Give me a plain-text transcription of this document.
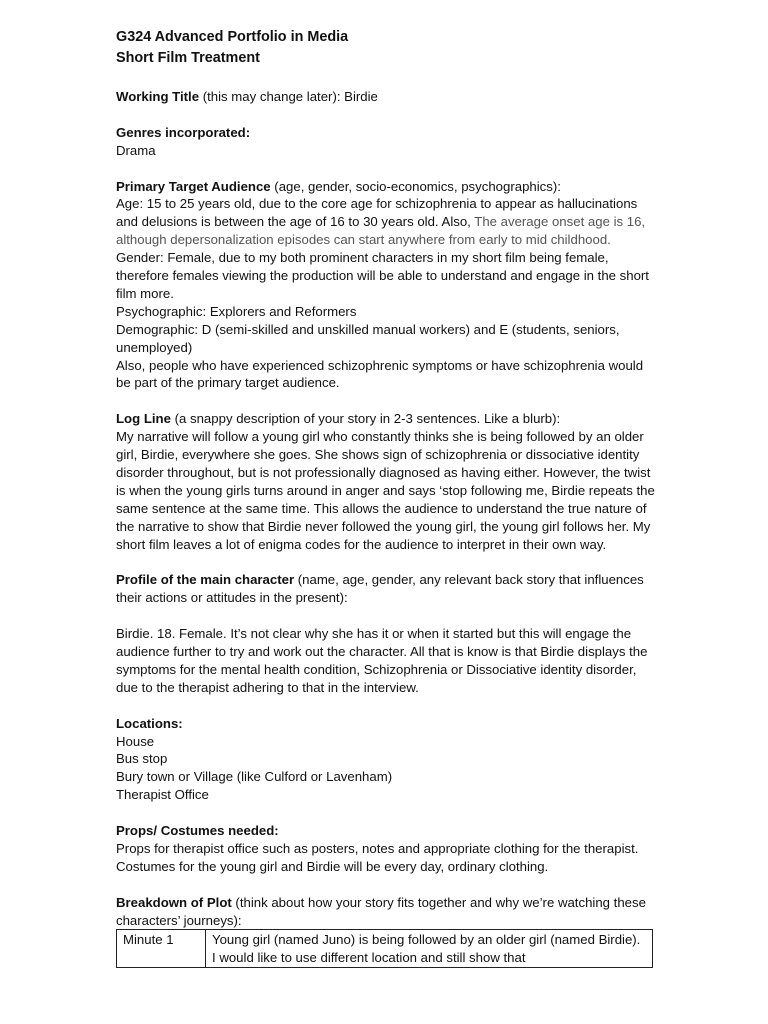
G324 Advanced Portfolio in Media
Short Film Treatment

Working Title (this may change later): Birdie

Genres incorporated:

Drama

Primary Target Audience (age, gender, socio-economics, psychographics):

Age: 15 to 25 years old, due to the core age for schizophrenia to appear as hallucinations and delusions is between the age of 16 to 30 years old. Also, The average onset age is 16, although depersonalization episodes can start anywhere from early to mid childhood.

Gender: Female, due to my both prominent characters in my short film being female, therefore females viewing the production will be able to understand and engage in the short film more.

Psychographic: Explorers and Reformers

Demographic: D (semi-skilled and unskilled manual workers) and E (students, seniors, unemployed)

Also, people who have experienced schizophrenic symptoms or have schizophrenia would be part of the primary target audience.

Log Line (a snappy description of your story in 2-3 sentences. Like a blurb):

My narrative will follow a young girl who constantly thinks she is being followed by an older girl, Birdie, everywhere she goes. She shows sign of schizophrenia or dissociative identity disorder throughout, but is not professionally diagnosed as having either. However, the twist is when the young girls turns around in anger and says ‘stop following me, Birdie repeats the same sentence at the same time. This allows the audience to understand the true nature of the narrative to show that Birdie never followed the young girl, the young girl follows her. My short film leaves a lot of enigma codes for the audience to interpret in their own way.

Profile of the main character (name, age, gender, any relevant back story that influences their actions or attitudes in the present):

Birdie. 18. Female. It’s not clear why she has it or when it started but this will engage the audience further to try and work out the character. All that is know is that Birdie displays the symptoms for the mental health condition, Schizophrenia or Dissociative identity disorder, due to the therapist adhering to that in the interview.

Locations:

House

Bus stop

Bury town or Village (like Culford or Lavenham)

Therapist Office

Props/ Costumes needed:

Props for therapist office such as posters, notes and appropriate clothing for the therapist. Costumes for the young girl and Birdie will be every day, ordinary clothing.

Breakdown of Plot (think about how your story fits together and why we’re watching these characters’ journeys):

Minute 1	Young girl (named Juno) is being followed by an older girl (named Birdie). I would like to use different location and still show that
